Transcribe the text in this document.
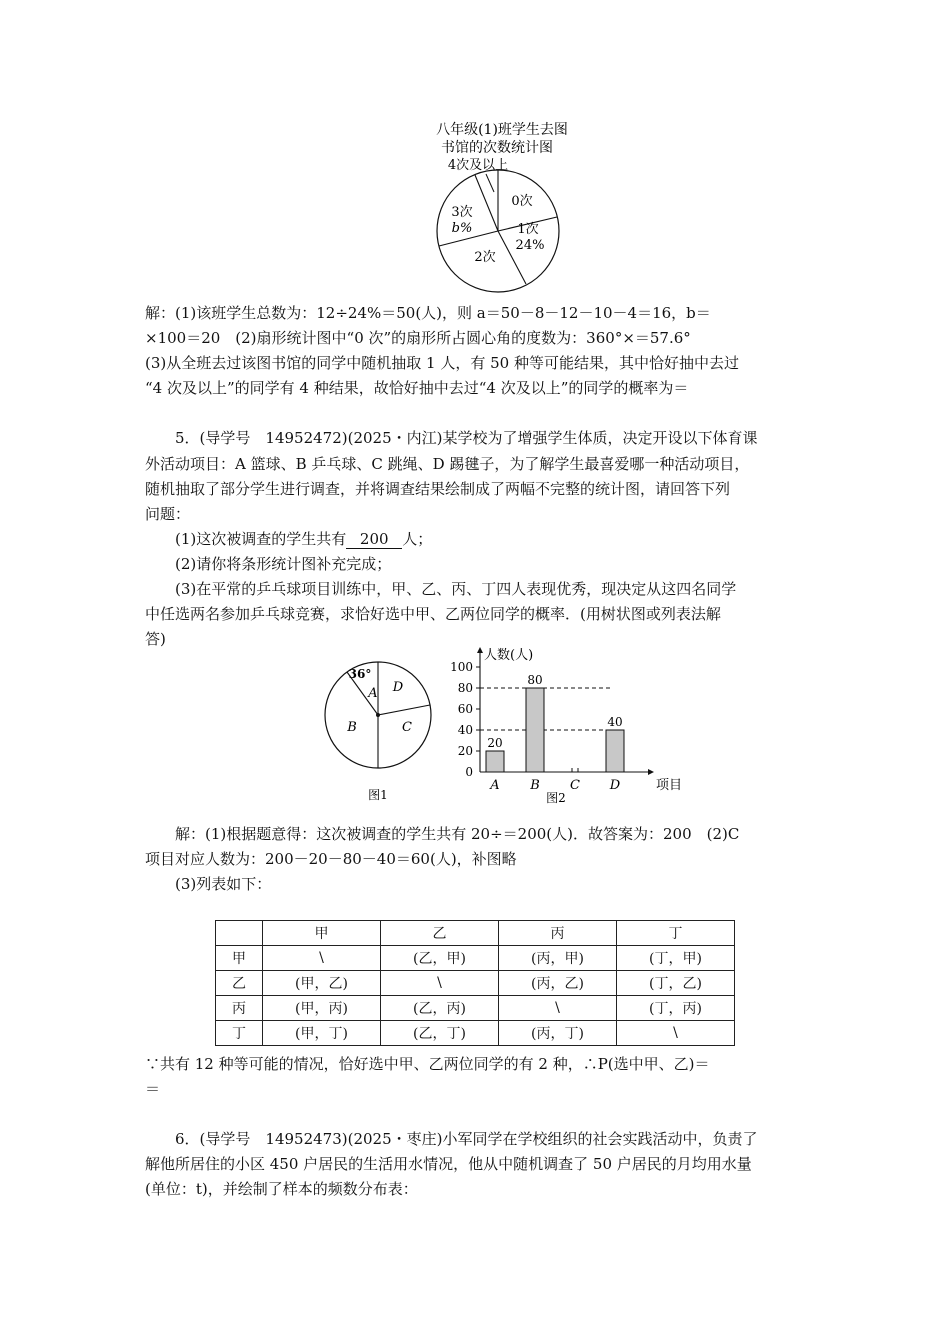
八年级(1)班学生去图
书馆的次数统计图
4次及以上
0次
1次
24%
2次
3次
b%
解：(1)该班学生总数为：12÷24%＝50(人)，则 a＝50－8－12－10－4＝16，b＝
×100＝20　(2)扇形统计图中“0 次”的扇形所占圆心角的度数为：360°×＝57.6°
(3)从全班去过该图书馆的同学中随机抽取 1 人，有 50 种等可能结果，其中恰好抽中去过
“4 次及以上”的同学有 4 种结果，故恰好抽中去过“4 次及以上”的同学的概率为＝
5．(导学号　14952472)(2025・内江)某学校为了增强学生体质，决定开设以下体育课
外活动项目：A 篮球、B 乒乓球、C 跳绳、D 踢毽子，为了解学生最喜爱哪一种活动项目，
随机抽取了部分学生进行调查，并将调查结果绘制成了两幅不完整的统计图，请回答下列
问题：
(1)这次被调查的学生共有 200 人；
(2)请你将条形统计图补充完成；
(3)在平常的乒乓球项目训练中，甲、乙、丙、丁四人表现优秀，现决定从这四名同学
中任选两名参加乒乓球竞赛，求恰好选中甲、乙两位同学的概率．(用树状图或列表法解
答)
36°
A
B	C
D
图1
人数(人)
项目
图2
0
20
40
60
80
100
20
A
80
B C
40
D
解：(1)根据题意得：这次被调查的学生共有 20÷＝200(人)．故答案为：200　(2)C
项目对应人数为：200－20－80－40＝60(人)，补图略
(3)列表如下：
	甲	乙	丙	丁
甲	\	(乙，甲)	(丙，甲)	(丁，甲)
乙	(甲，乙)	\	(丙，乙)	(丁，乙)
丙	(甲，丙)	(乙，丙)	\	(丁，丙)
丁	(甲，丁)	(乙，丁)	(丙，丁)	\
∵共有 12 种等可能的情况，恰好选中甲、乙两位同学的有 2 种，∴P(选中甲、乙)＝
＝
6．(导学号　14952473)(2025・枣庄)小军同学在学校组织的社会实践活动中，负责了
解他所居住的小区 450 户居民的生活用水情况，他从中随机调查了 50 户居民的月均用水量
(单位：t)，并绘制了样本的频数分布表：
